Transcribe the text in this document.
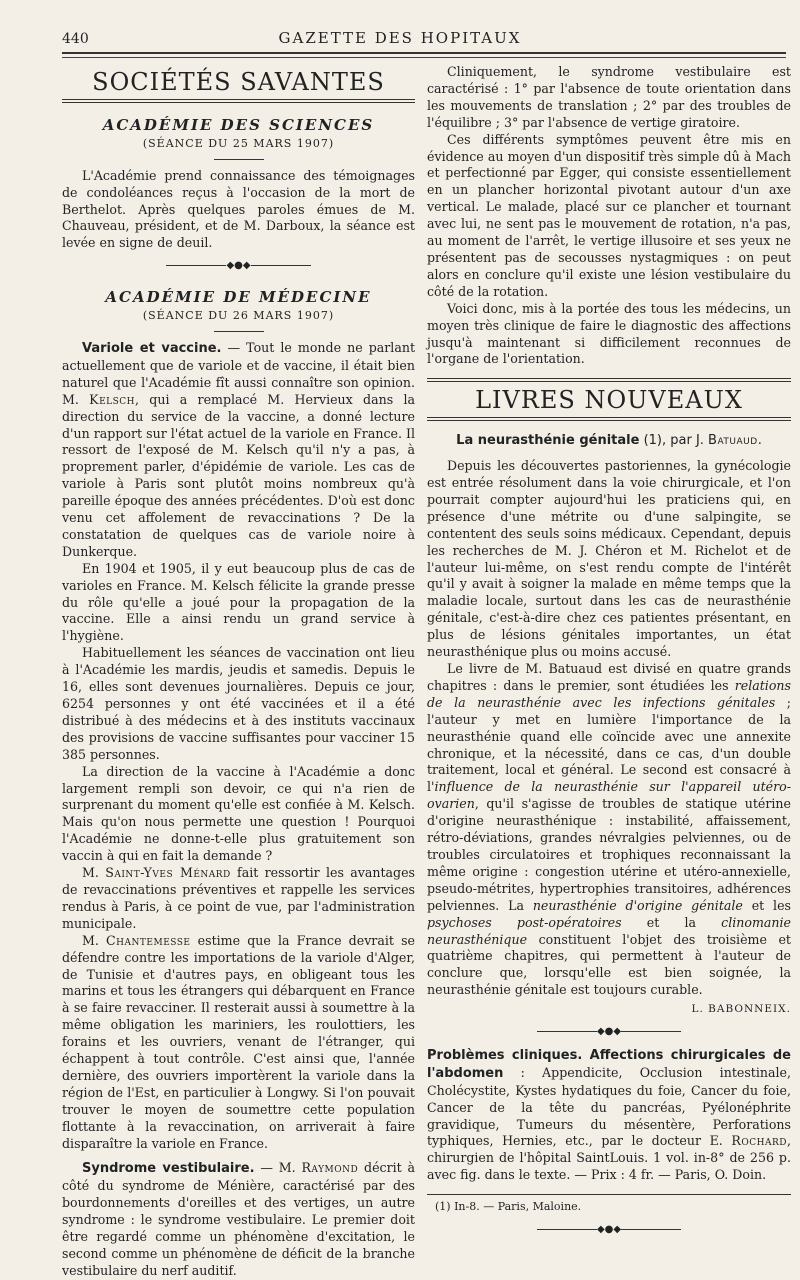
440	GAZETTE DES HOPITAUX
SOCIÉTÉS SAVANTES
ACADÉMIE DES SCIENCES
(SÉANCE DU 25 MARS 1907)

L'Académie prend connaissance des témoignages de condoléances reçus à l'occasion de la mort de Berthelot. Après quelques paroles émues de M. Chauveau, président, et de M. Darboux, la séance est levée en signe de deuil.

◆●◆
ACADÉMIE DE MÉDECINE
(SÉANCE DU 26 MARS 1907)

Variole et vaccine. — Tout le monde ne parlant actuellement que de variole et de vaccine, il était bien naturel que l'Académie fît aussi connaître son opinion. M. Kelsch, qui a remplacé M. Hervieux dans la direction du service de la vaccine, a donné lecture d'un rapport sur l'état actuel de la variole en France. Il ressort de l'exposé de M. Kelsch qu'il n'y a pas, à proprement parler, d'épidémie de variole. Les cas de variole à Paris sont plutôt moins nombreux qu'à pareille époque des années précédentes. D'où est donc venu cet affolement de revaccinations ? De la constatation de quelques cas de variole noire à Dunkerque.

En 1904 et 1905, il y eut beaucoup plus de cas de varioles en France. M. Kelsch félicite la grande presse du rôle qu'elle a joué pour la propagation de la vaccine. Elle a ainsi rendu un grand service à l'hygiène.

Habituellement les séances de vaccination ont lieu à l'Académie les mardis, jeudis et samedis. Depuis le 16, elles sont devenues journalières. Depuis ce jour, 6254 personnes y ont été vaccinées et il a été distribué à des médecins et à des instituts vaccinaux des provisions de vaccine suffisantes pour vacciner 15 385 personnes.

La direction de la vaccine à l'Académie a donc largement rempli son devoir, ce qui n'a rien de surprenant du moment qu'elle est confiée à M. Kelsch. Mais qu'on nous permette une question ! Pourquoi l'Académie ne donne-t-elle plus gratuitement son vaccin à qui en fait la demande ?

M. Saint-Yves Ménard fait ressortir les avantages de revaccinations préventives et rappelle les services rendus à Paris, à ce point de vue, par l'administration municipale.

M. Chantemesse estime que la France devrait se défendre contre les importations de la variole d'Alger, de Tunisie et d'autres pays, en obligeant tous les marins et tous les étrangers qui débarquent en France à se faire revacciner. Il resterait aussi à soumettre à la même obligation les mariniers, les roulottiers, les forains et les ouvriers, venant de l'étranger, qui échappent à tout contrôle. C'est ainsi que, l'année dernière, des ouvriers importèrent la variole dans la région de l'Est, en particulier à Longwy. Si l'on pouvait trouver le moyen de soumettre cette population flottante à la revaccination, on arriverait à faire disparaître la variole en France.

Syndrome vestibulaire. — M. Raymond décrit à côté du syndrome de Ménière, caractérisé par des bourdonnements d'oreilles et des vertiges, un autre syndrome : le syndrome vestibulaire. Le premier doit être regardé comme un phénomène d'excitation, le second comme un phénomène de déficit de la branche vestibulaire du nerf auditif.

Cliniquement, le syndrome vestibulaire est caractérisé : 1° par l'absence de toute orientation dans les mouvements de translation ; 2° par des troubles de l'équilibre ; 3° par l'absence de vertige giratoire.

Ces différents symptômes peuvent être mis en évidence au moyen d'un dispositif très simple dû à Mach et perfectionné par Egger, qui consiste essentiellement en un plancher horizontal pivotant autour d'un axe vertical. Le malade, placé sur ce plancher et tournant avec lui, ne sent pas le mouvement de rotation, n'a pas, au moment de l'arrêt, le vertige illusoire et ses yeux ne présentent pas de secousses nystagmiques : on peut alors en conclure qu'il existe une lésion vestibulaire du côté de la rotation.

Voici donc, mis à la portée des tous les médecins, un moyen très clinique de faire le diagnostic des affections jusqu'à maintenant si difficilement reconnues de l'organe de l'orientation.

LIVRES NOUVEAUX
La neurasthénie génitale (1), par J. Batuaud.

Depuis les découvertes pastoriennes, la gynécologie est entrée résolument dans la voie chirurgicale, et l'on pourrait compter aujourd'hui les praticiens qui, en présence d'une métrite ou d'une salpingite, se contentent des seuls soins médicaux. Cependant, depuis les recherches de M. J. Chéron et M. Richelot et de l'auteur lui-même, on s'est rendu compte de l'intérêt qu'il y avait à soigner la malade en même temps que la maladie locale, surtout dans les cas de neurasthénie génitale, c'est-à-dire chez ces patientes présentant, en plus de lésions génitales importantes, un état neurasthénique plus ou moins accusé.

Le livre de M. Batuaud est divisé en quatre grands chapitres : dans le premier, sont étudiées les relations de la neurasthénie avec les infections génitales ; l'auteur y met en lumière l'importance de la neurasthénie quand elle coïncide avec une annexite chronique, et la nécessité, dans ce cas, d'un double traitement, local et général. Le second est consacré à l'influence de la neurasthénie sur l'appareil utéro-ovarien, qu'il s'agisse de troubles de statique utérine d'origine neurasthénique : instabilité, affaissement, rétro-déviations, grandes névralgies pelviennes, ou de troubles circulatoires et trophiques reconnaissant la même origine : congestion utérine et utéro-annexielle, pseudo-métrites, hypertrophies transitoires, adhérences pelviennes. La neurasthénie d'origine génitale et les psychoses post-opératoires et la clinomanie neurasthénique constituent l'objet des troisième et quatrième chapitres, qui permettent à l'auteur de conclure que, lorsqu'elle est bien soignée, la neurasthénie génitale est toujours curable.

L. BABONNEIX.
◆●◆

Problèmes cliniques. Affections chirurgicales de l'abdomen : Appendicite, Occlusion intestinale, Cholécystite, Kystes hydatiques du foie, Cancer du foie, Cancer de la tête du pancréas, Pyélonéphrite gravidique, Tumeurs du mésentère, Perforations typhiques, Hernies, etc., par le docteur E. Rochard, chirurgien de l'hôpital SaintLouis. 1 vol. in-8° de 256 p. avec fig. dans le texte. — Prix : 4 fr. — Paris, O. Doin.

(1) In-8. — Paris, Maloine.
◆●◆
